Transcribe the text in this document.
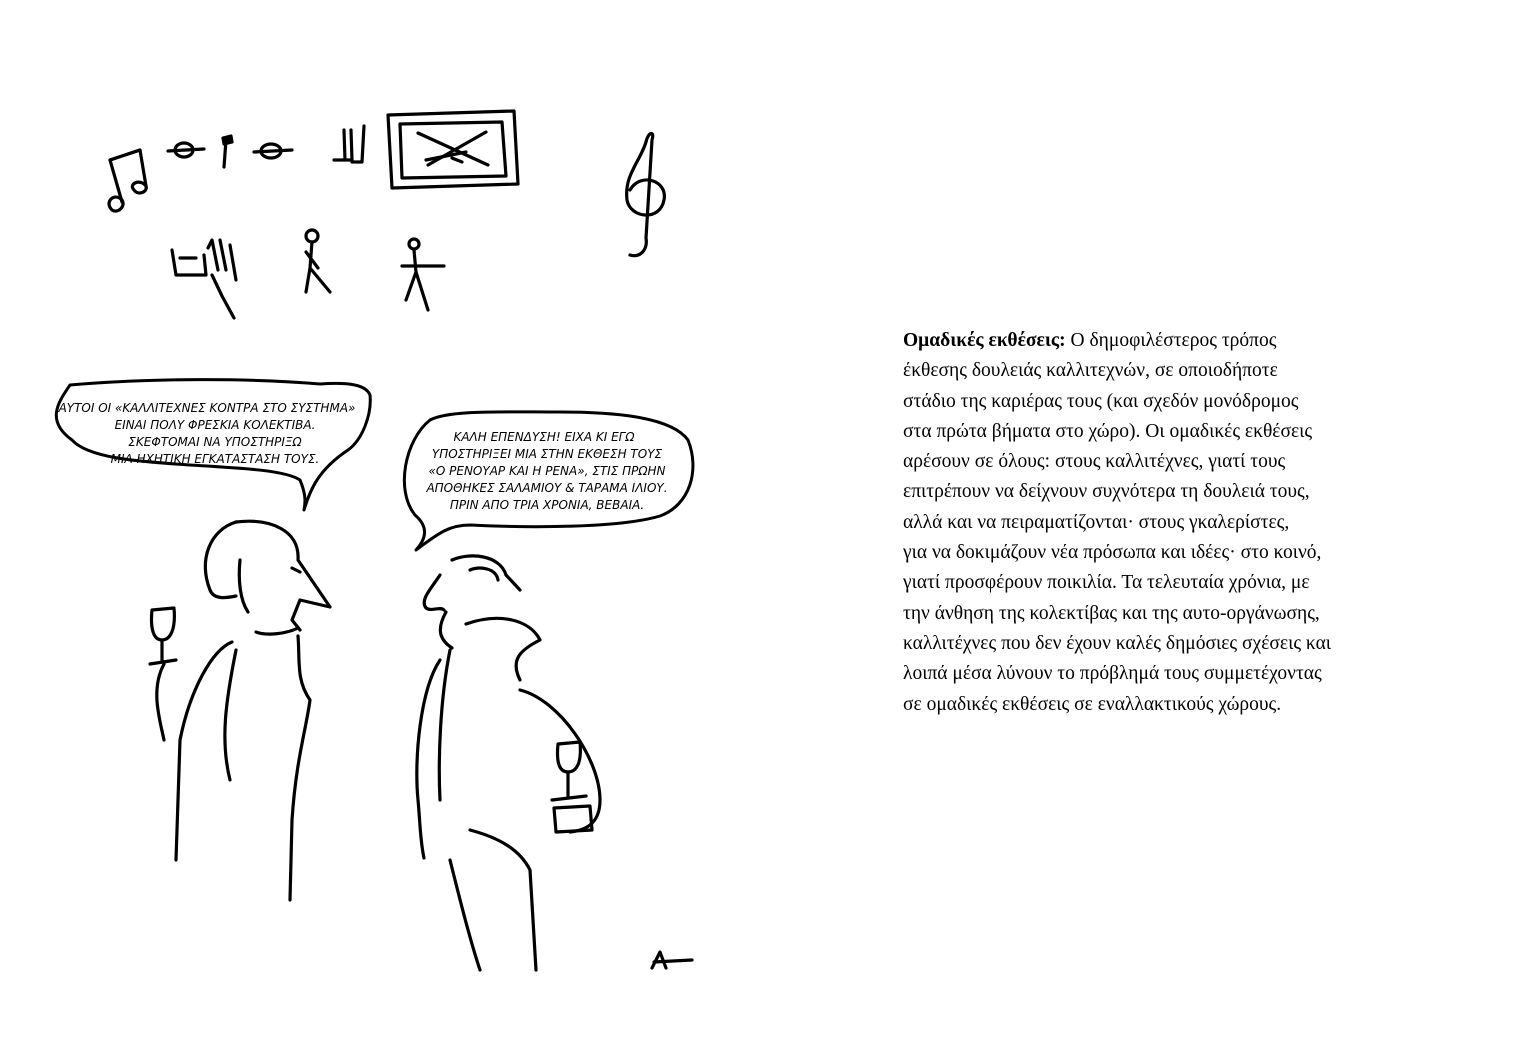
ΑΥΤΟΙ ΟΙ «ΚΑΛΛΙΤΕΧΝΕΣ ΚΟΝΤΡΑ ΣΤΟ ΣΥΣΤΗΜΑ»
ΕΙΝΑΙ ΠΟΛΥ ΦΡΕΣΚΙΑ ΚΟΛΕΚΤΙΒΑ.
ΣΚΕΦΤΟΜΑΙ ΝΑ ΥΠΟΣΤΗΡΙΞΩ
ΜΙΑ ΗΧΗΤΙΚΗ ΕΓΚΑΤΑΣΤΑΣΗ ΤΟΥΣ.
ΚΑΛΗ ΕΠΕΝΔΥΣΗ! ΕΙΧΑ ΚΙ ΕΓΩ
ΥΠΟΣΤΗΡΙΞΕΙ ΜΙΑ ΣΤΗΝ ΕΚΘΕΣΗ ΤΟΥΣ
«Ο ΡΕΝΟΥΑΡ ΚΑΙ Η ΡΕΝΑ», ΣΤΙΣ ΠΡΩΗΝ
ΑΠΟΘΗΚΕΣ ΣΑΛΑΜΙΟΥ & ΤΑΡΑΜΑ ΙΛΙΟΥ.
ΠΡΙΝ ΑΠΟ ΤΡΙΑ ΧΡΟΝΙΑ, ΒΕΒΑΙΑ.
Ομαδικές εκθέσεις: Ο δημοφιλέστερος τρόπος
έκθεσης δουλειάς καλλιτεχνών, σε οποιοδήποτε
στάδιο της καριέρας τους (και σχεδόν μονόδρομος
στα πρώτα βήματα στο χώρο). Οι ομαδικές εκθέσεις
αρέσουν σε όλους: στους καλλιτέχνες, γιατί τους
επιτρέπουν να δείχνουν συχνότερα τη δουλειά τους,
αλλά και να πειραματίζονται· στους γκαλερίστες,
για να δοκιμάζουν νέα πρόσωπα και ιδέες· στο κοινό,
γιατί προσφέρουν ποικιλία. Τα τελευταία χρόνια, με
την άνθηση της κολεκτίβας και της αυτο-οργάνωσης,
καλλιτέχνες που δεν έχουν καλές δημόσιες σχέσεις και
λοιπά μέσα λύνουν το πρόβλημά τους συμμετέχοντας
σε ομαδικές εκθέσεις σε εναλλακτικούς χώρους.
